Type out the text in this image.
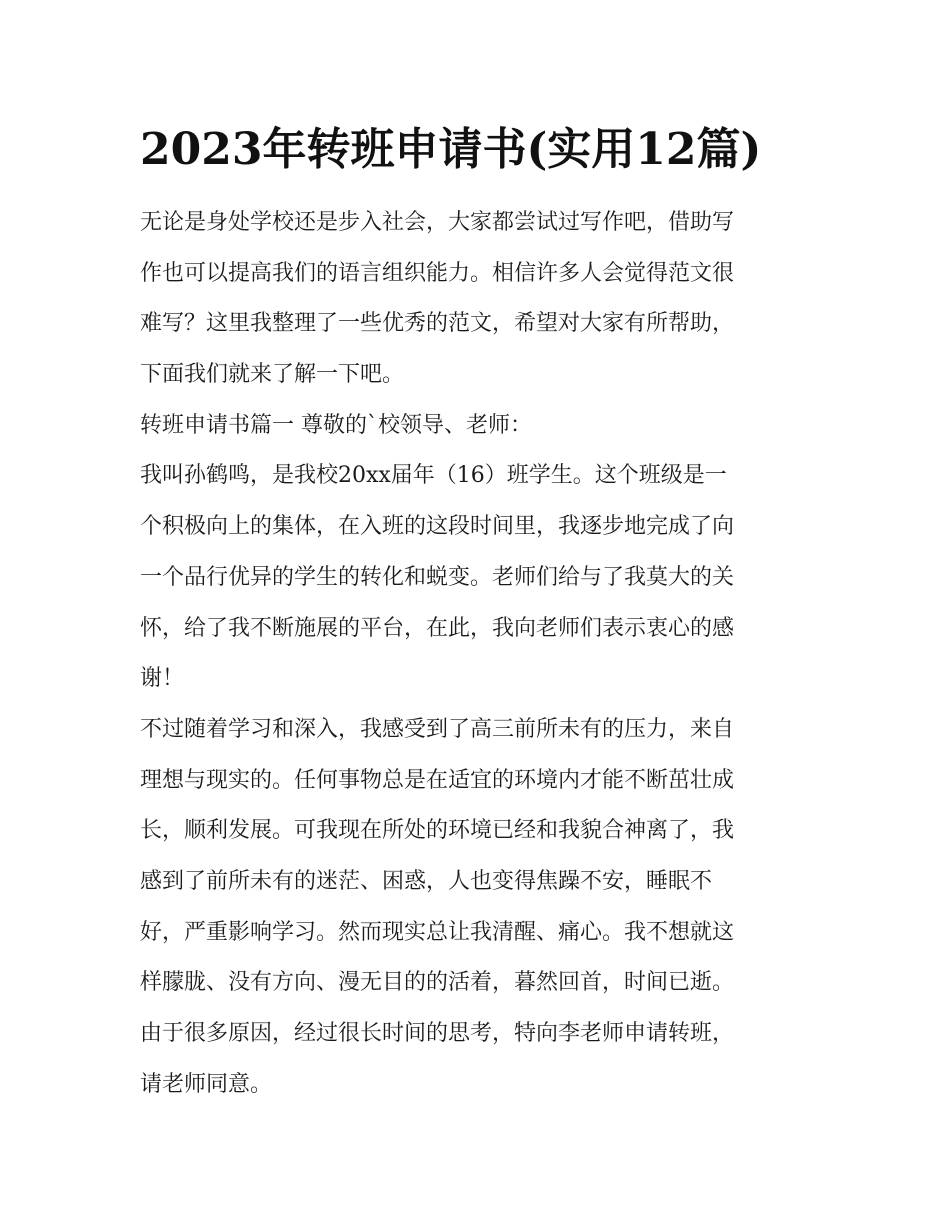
2023年转班申请书(实用12篇)
无论是身处学校还是步入社会，大家都尝试过写作吧，借助写
作也可以提高我们的语言组织能力。相信许多人会觉得范文很
难写？这里我整理了一些优秀的范文，希望对大家有所帮助，
下面我们就来了解一下吧。
转班申请书篇一 尊敬的`校领导、老师：
我叫孙鹤鸣，是我校20xx届年（16）班学生。这个班级是一
个积极向上的集体，在入班的这段时间里，我逐步地完成了向
一个品行优异的学生的转化和蜕变。老师们给与了我莫大的关
怀，给了我不断施展的平台，在此，我向老师们表示衷心的感
谢！
不过随着学习和深入，我感受到了高三前所未有的压力，来自
理想与现实的。任何事物总是在适宜的环境内才能不断茁壮成
长，顺利发展。可我现在所处的环境已经和我貌合神离了，我
感到了前所未有的迷茫、困惑，人也变得焦躁不安，睡眠不
好，严重影响学习。然而现实总让我清醒、痛心。我不想就这
样朦胧、没有方向、漫无目的的活着，暮然回首，时间已逝。
由于很多原因，经过很长时间的思考，特向李老师申请转班，
请老师同意。
